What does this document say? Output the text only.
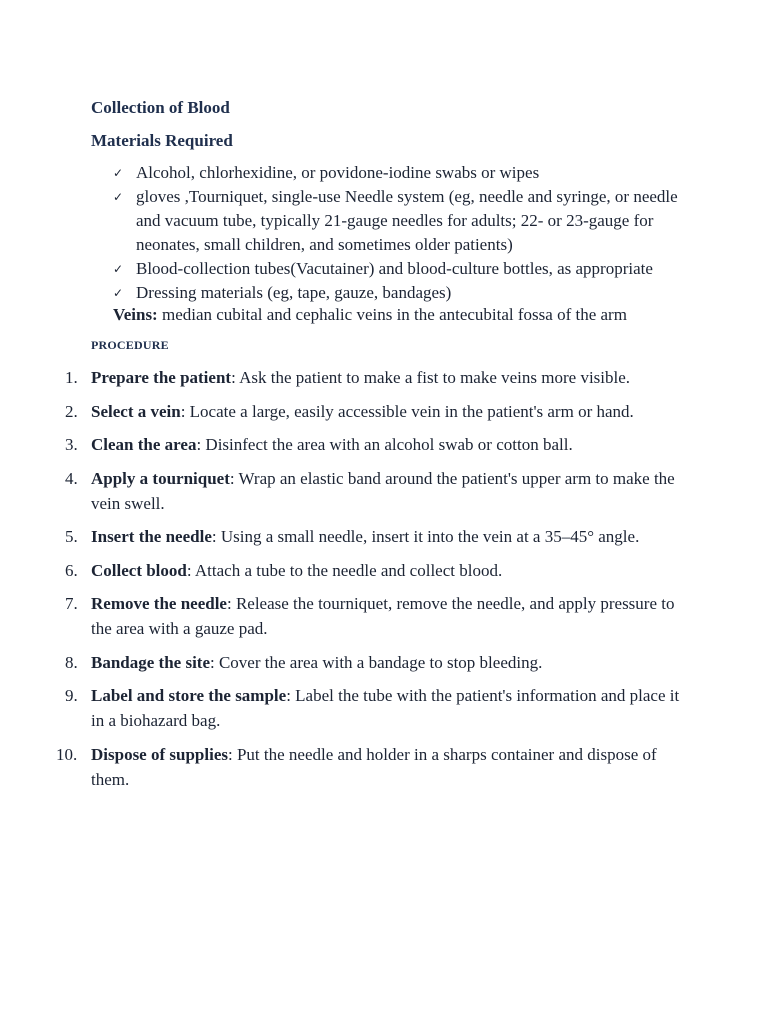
Collection of Blood
Materials Required
✓ Alcohol, chlorhexidine, or povidone-iodine swabs or wipes
✓ gloves ,Tourniquet, single-use Needle system (eg, needle and syringe, or needle and vacuum tube, typically 21-gauge needles for adults; 22- or 23-gauge for neonates, small children, and sometimes older patients)
✓ Blood-collection tubes(Vacutainer) and blood-culture bottles, as appropriate
✓ Dressing materials (eg, tape, gauze, bandages)
Veins: median cubital and cephalic veins in the antecubital fossa of the arm
PROCEDURE
1. Prepare the patient: Ask the patient to make a fist to make veins more visible.
2. Select a vein: Locate a large, easily accessible vein in the patient's arm or hand.
3. Clean the area: Disinfect the area with an alcohol swab or cotton ball.
4. Apply a tourniquet: Wrap an elastic band around the patient's upper arm to make the vein swell.
5. Insert the needle: Using a small needle, insert it into the vein at a 35–45° angle.
6. Collect blood: Attach a tube to the needle and collect blood.
7. Remove the needle: Release the tourniquet, remove the needle, and apply pressure to the area with a gauze pad.
8. Bandage the site: Cover the area with a bandage to stop bleeding.
9. Label and store the sample: Label the tube with the patient's information and place it in a biohazard bag.
10. Dispose of supplies: Put the needle and holder in a sharps container and dispose of them.
